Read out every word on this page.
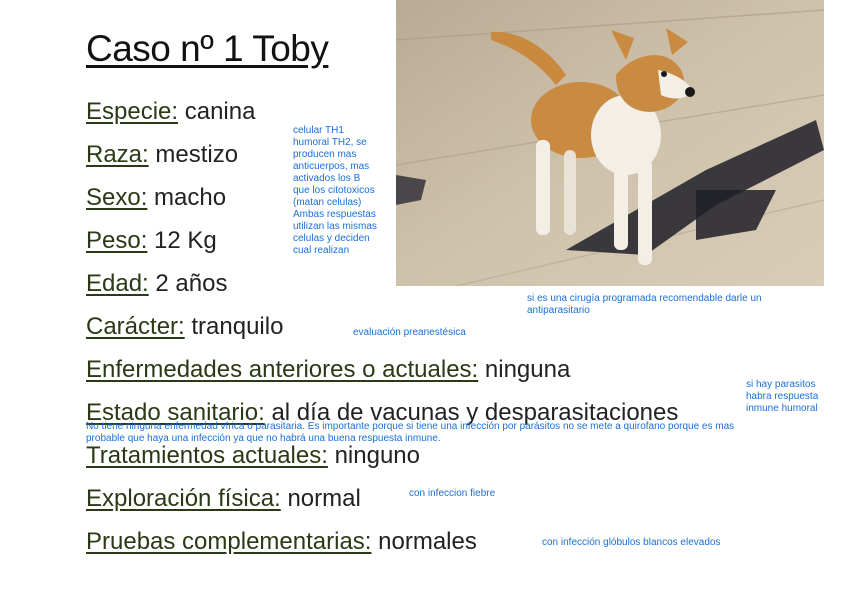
Caso nº 1 Toby
Especie: canina
Raza: mestizo
Sexo: macho
Peso: 12 Kg
Edad: 2 años
Carácter: tranquilo
Enfermedades anteriores o actuales: ninguna
Estado sanitario: al día de vacunas y desparasitaciones
Tratamientos actuales: ninguno
Exploración física: normal
Pruebas complementarias: normales
celular TH1
humoral TH2, se
producen mas
anticuerpos, mas
activados los B
que los citotoxicos
(matan celulas)
Ambas respuestas
utilizan las mismas
celulas y deciden
cual realizan
si es una cirugía programada recomendable darle un
antiparasitario
evaluación preanestésica
si hay parasitos
habra respuesta
inmune humoral
No tiene ninguna enfermedad vírica o parasitaria. Es importante porque si tiene una infección por parásitos no se mete a quirofano porque es mas
probable que haya una infección ya que no habrá una buena respuesta inmune.
con infeccion fiebre
con infección glóbulos blancos elevados
